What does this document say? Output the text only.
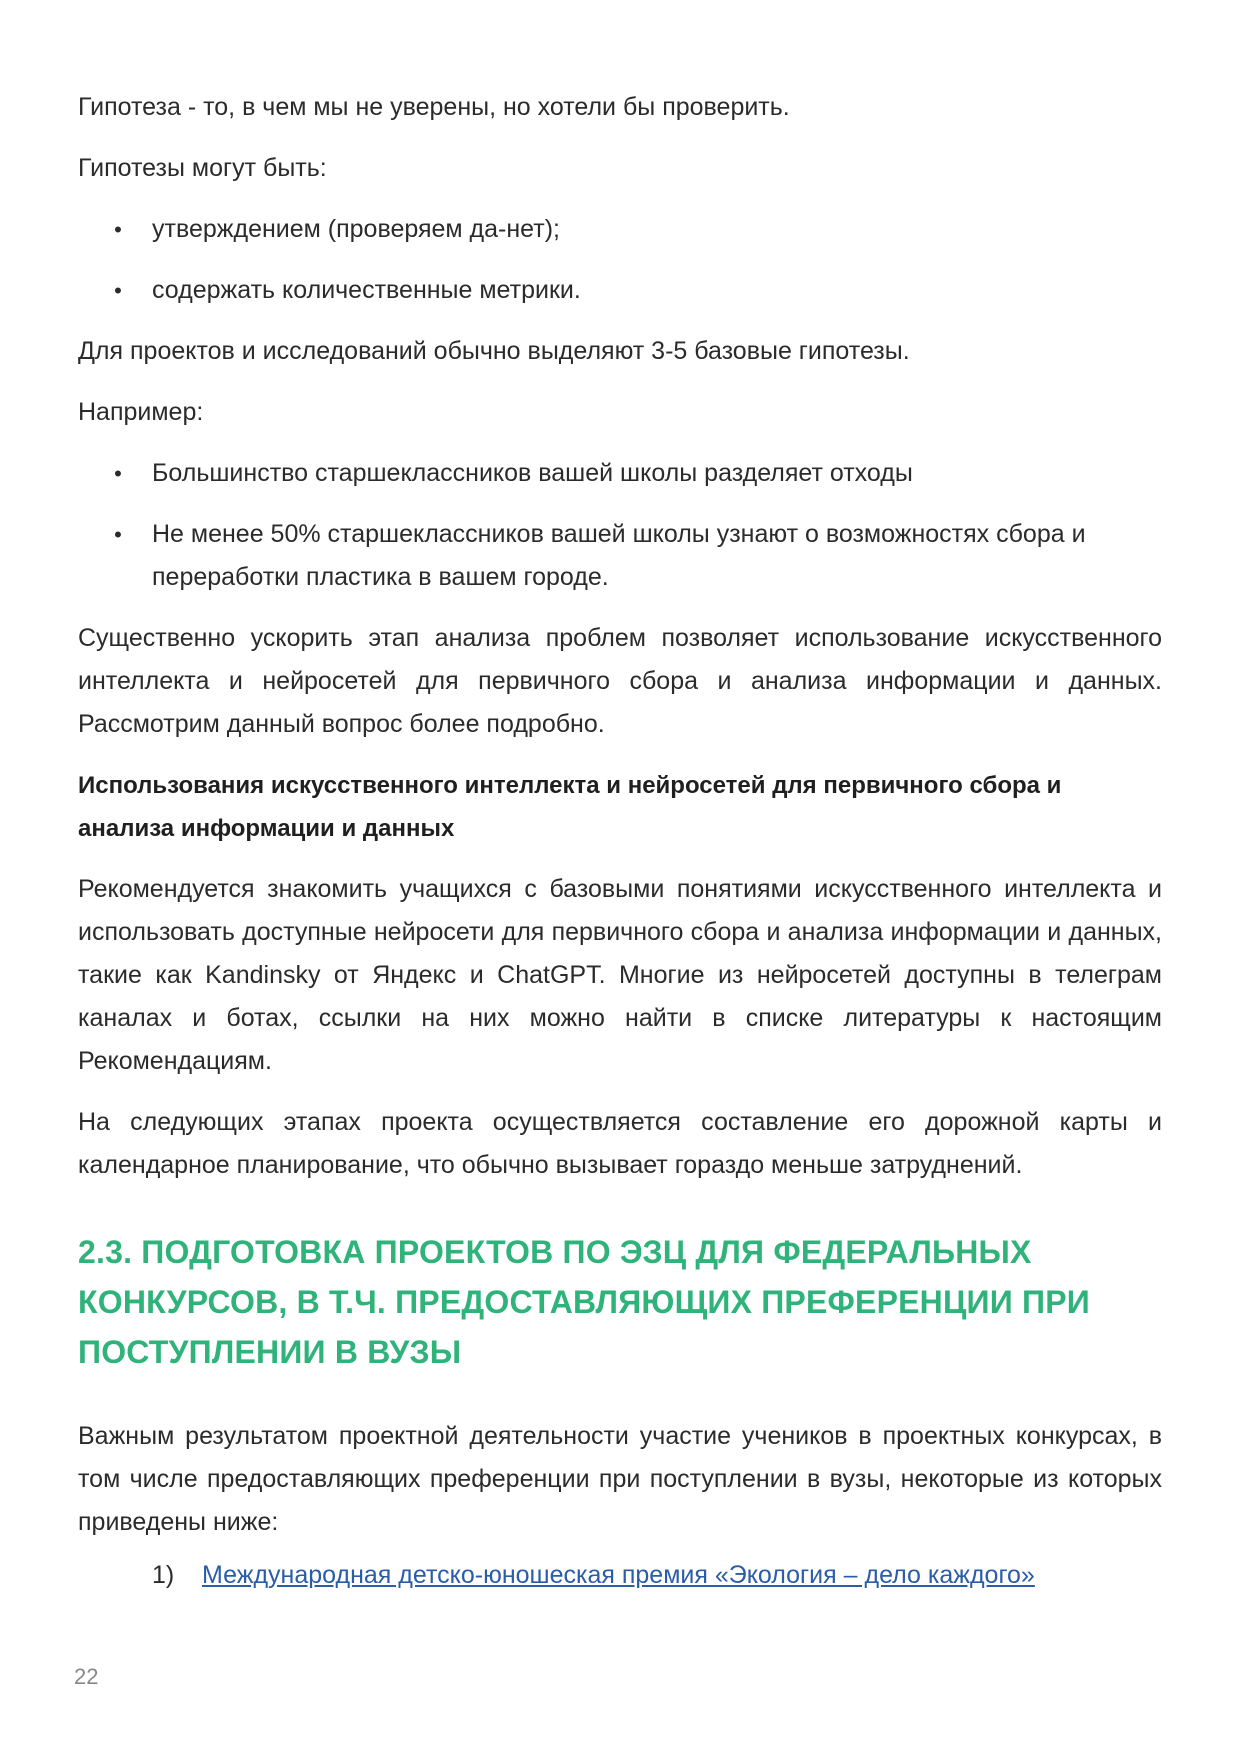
Гипотеза - то, в чем мы не уверены, но хотели бы проверить.

Гипотезы могут быть:

• утверждением (проверяем да-нет);
• содержать количественные метрики.

Для проектов и исследований обычно выделяют 3-5 базовые гипотезы.

Например:

• Большинство старшеклассников вашей школы разделяет отходы
• Не менее 50% старшеклассников вашей школы узнают о возможностях сбора и переработки пластика в вашем городе.

Существенно ускорить этап анализа проблем позволяет использование искусственного интеллекта и нейросетей для первичного сбора и анализа информации и данных. Рассмотрим данный вопрос более подробно.

Использования искусственного интеллекта и нейросетей для первичного сбора и анализа информации и данных

Рекомендуется знакомить учащихся с базовыми понятиями искусственного интеллекта и использовать доступные нейросети для первичного сбора и анализа информации и данных, такие как Kandinsky от Яндекс и ChatGPT. Многие из нейросетей доступны в телеграм каналах и ботах, ссылки на них можно найти в списке литературы к настоящим Рекомендациям.

На следующих этапах проекта осуществляется составление его дорожной карты и календарное планирование, что обычно вызывает гораздо меньше затруднений.

2.3. ПОДГОТОВКА ПРОЕКТОВ ПО ЭЗЦ ДЛЯ ФЕДЕРАЛЬНЫХ КОНКУРСОВ, В Т.Ч. ПРЕДОСТАВЛЯЮЩИХ ПРЕФЕРЕНЦИИ ПРИ ПОСТУПЛЕНИИ В ВУЗЫ

Важным результатом проектной деятельности участие учеников в проектных конкурсах, в том числе предоставляющих преференции при поступлении в вузы, некоторые из которых приведены ниже:

1) Международная детско-юношеская премия «Экология – дело каждого»
22
